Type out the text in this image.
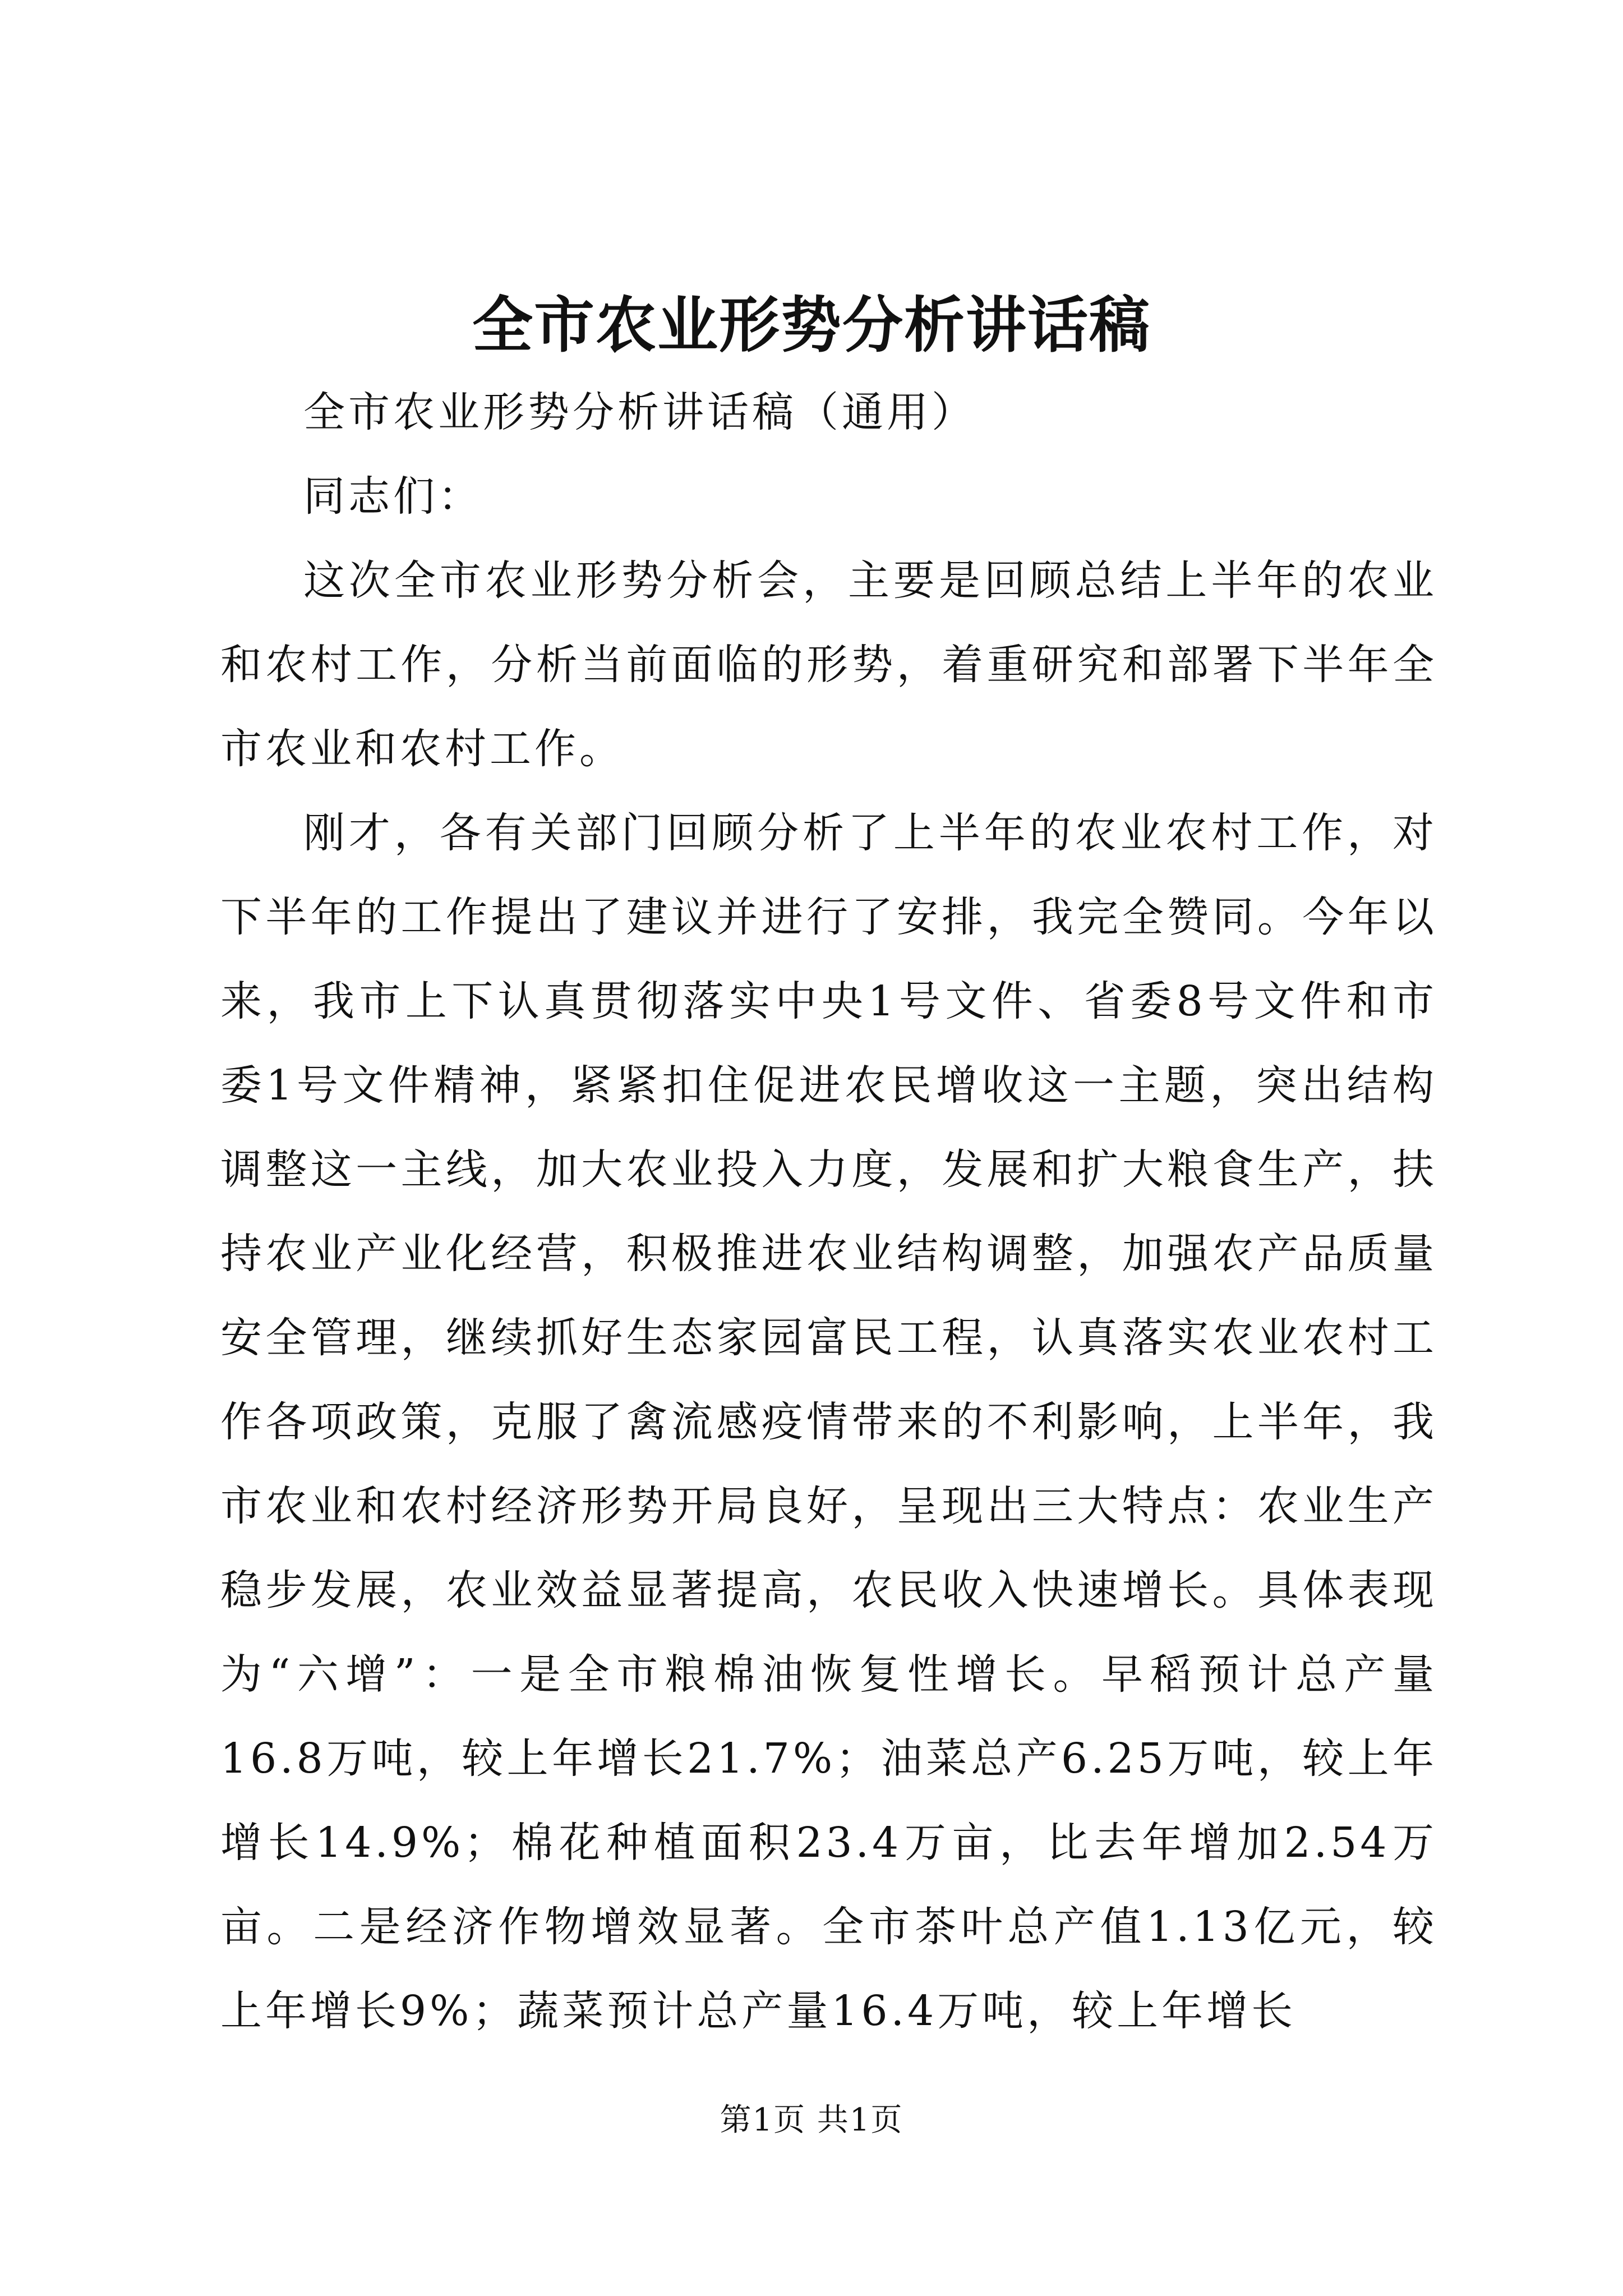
全市农业形势分析讲话稿

全市农业形势分析讲话稿（通用）

同志们：

这次全市农业形势分析会，主要是回顾总结上半年的农业和农村工作，分析当前面临的形势，着重研究和部署下半年全市农业和农村工作。

刚才，各有关部门回顾分析了上半年的农业农村工作，对下半年的工作提出了建议并进行了安排，我完全赞同。今年以来，我市上下认真贯彻落实中央1号文件、省委8号文件和市委1号文件精神，紧紧扣住促进农民增收这一主题，突出结构调整这一主线，加大农业投入力度，发展和扩大粮食生产，扶持农业产业化经营，积极推进农业结构调整，加强农产品质量安全管理，继续抓好生态家园富民工程，认真落实农业农村工作各项政策，克服了禽流感疫情带来的不利影响，上半年，我市农业和农村经济形势开局良好，呈现出三大特点：农业生产稳步发展，农业效益显著提高，农民收入快速增长。具体表现为“六增”：一是全市粮棉油恢复性增长。早稻预计总产量16.8万吨，较上年增长21.7%；油菜总产6.25万吨，较上年增长14.9%；棉花种植面积23.4万亩，比去年增加2.54万亩。二是经济作物增效显著。全市茶叶总产值1.13亿元，较上年增长9%；蔬菜预计总产量16.4万吨，较上年增长

第1页 共1页
